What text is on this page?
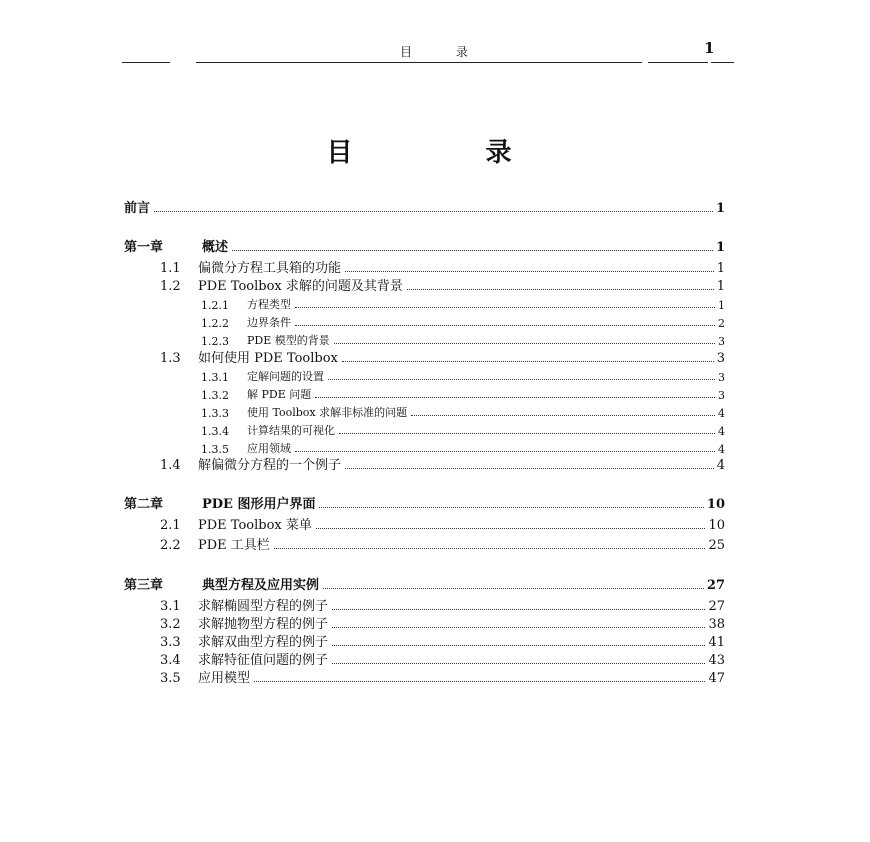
目 录	1
目 录
前言	1
第一章	概述	1
1.1	偏微分方程工具箱的功能	1
1.2	PDE Toolbox 求解的问题及其背景	1
1.2.1	方程类型	1
1.2.2	边界条件	2
1.2.3	PDE 模型的背景	3
1.3	如何使用 PDE Toolbox	3
1.3.1	定解问题的设置	3
1.3.2	解 PDE 问题	3
1.3.3	使用 Toolbox 求解非标准的问题	4
1.3.4	计算结果的可视化	4
1.3.5	应用领域	4
1.4	解偏微分方程的一个例子	4
第二章	PDE 图形用户界面	10
2.1	PDE Toolbox 菜单	10
2.2	PDE 工具栏	25
第三章	典型方程及应用实例	27
3.1	求解椭圆型方程的例子	27
3.2	求解抛物型方程的例子	38
3.3	求解双曲型方程的例子	41
3.4	求解特征值问题的例子	43
3.5	应用模型	47
